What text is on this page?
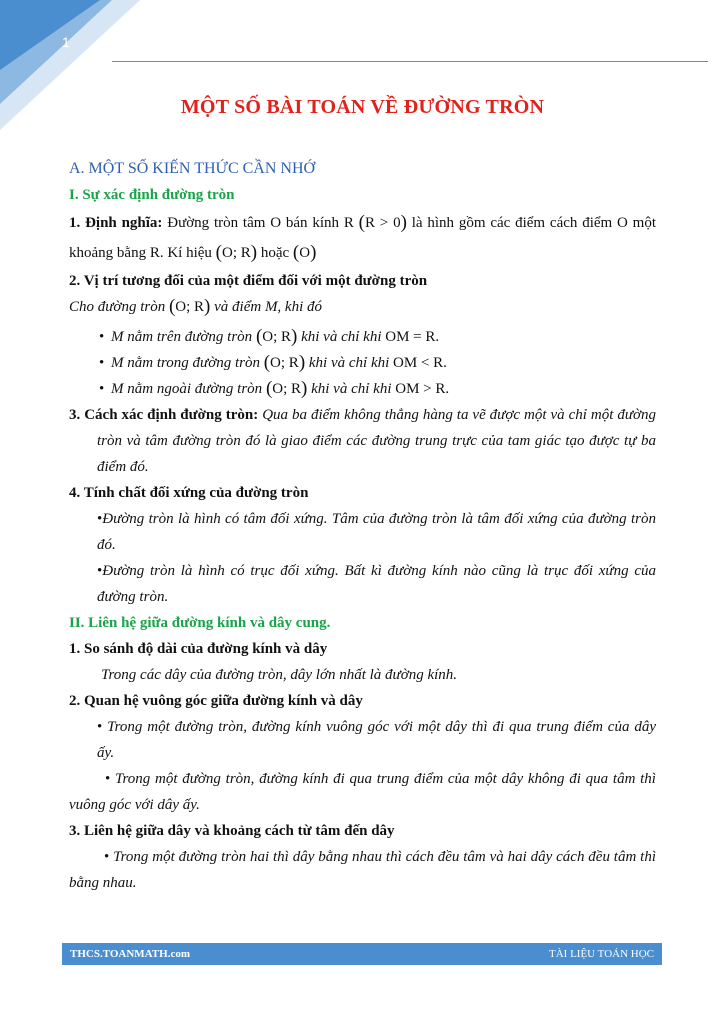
1
MỘT SỐ BÀI TOÁN VỀ ĐƯỜNG TRÒN

A. MỘT SỐ KIẾN THỨC CẦN NHỚ

I. Sự xác định đường tròn

1. Định nghĩa: Đường tròn tâm O bán kính R (R > 0) là hình gồm các điểm cách điểm O một khoảng bằng R. Kí hiệu (O; R) hoặc (O)

2. Vị trí tương đối của một điểm đối với một đường tròn

Cho đường tròn (O; R) và điểm M, khi đó

• M nằm trên đường tròn (O; R) khi và chỉ khi OM = R.

• M nằm trong đường tròn (O; R) khi và chỉ khi OM < R.

• M nằm ngoài đường tròn (O; R) khi và chỉ khi OM > R.

3. Cách xác định đường tròn: Qua ba điểm không thẳng hàng ta vẽ được một và chỉ một đường tròn và tâm đường tròn đó là giao điểm các đường trung trực của tam giác tạo được tự ba điểm đó.

4. Tính chất đối xứng của đường tròn

•Đường tròn là hình có tâm đối xứng. Tâm của đường tròn là tâm đối xứng của đường tròn đó.

•Đường tròn là hình có trục đối xứng. Bất kì đường kính nào cũng là trục đối xứng của đường tròn.

II. Liên hệ giữa đường kính và dây cung.

1. So sánh độ dài của đường kính và dây

Trong các dây của đường tròn, dây lớn nhất là đường kính.

2. Quan hệ vuông góc giữa đường kính và dây

• Trong một đường tròn, đường kính vuông góc với một dây thì đi qua trung điểm của dây ấy.

• Trong một đường tròn, đường kính đi qua trung điểm của một dây không đi qua tâm thì vuông góc với dây ấy.

3. Liên hệ giữa dây và khoảng cách từ tâm đến dây

• Trong một đường tròn hai thì dây bằng nhau thì cách đều tâm và hai dây cách đều tâm thì bằng nhau.

THCS.TOANMATH.com	TÀI LIỆU TOÁN HỌC
